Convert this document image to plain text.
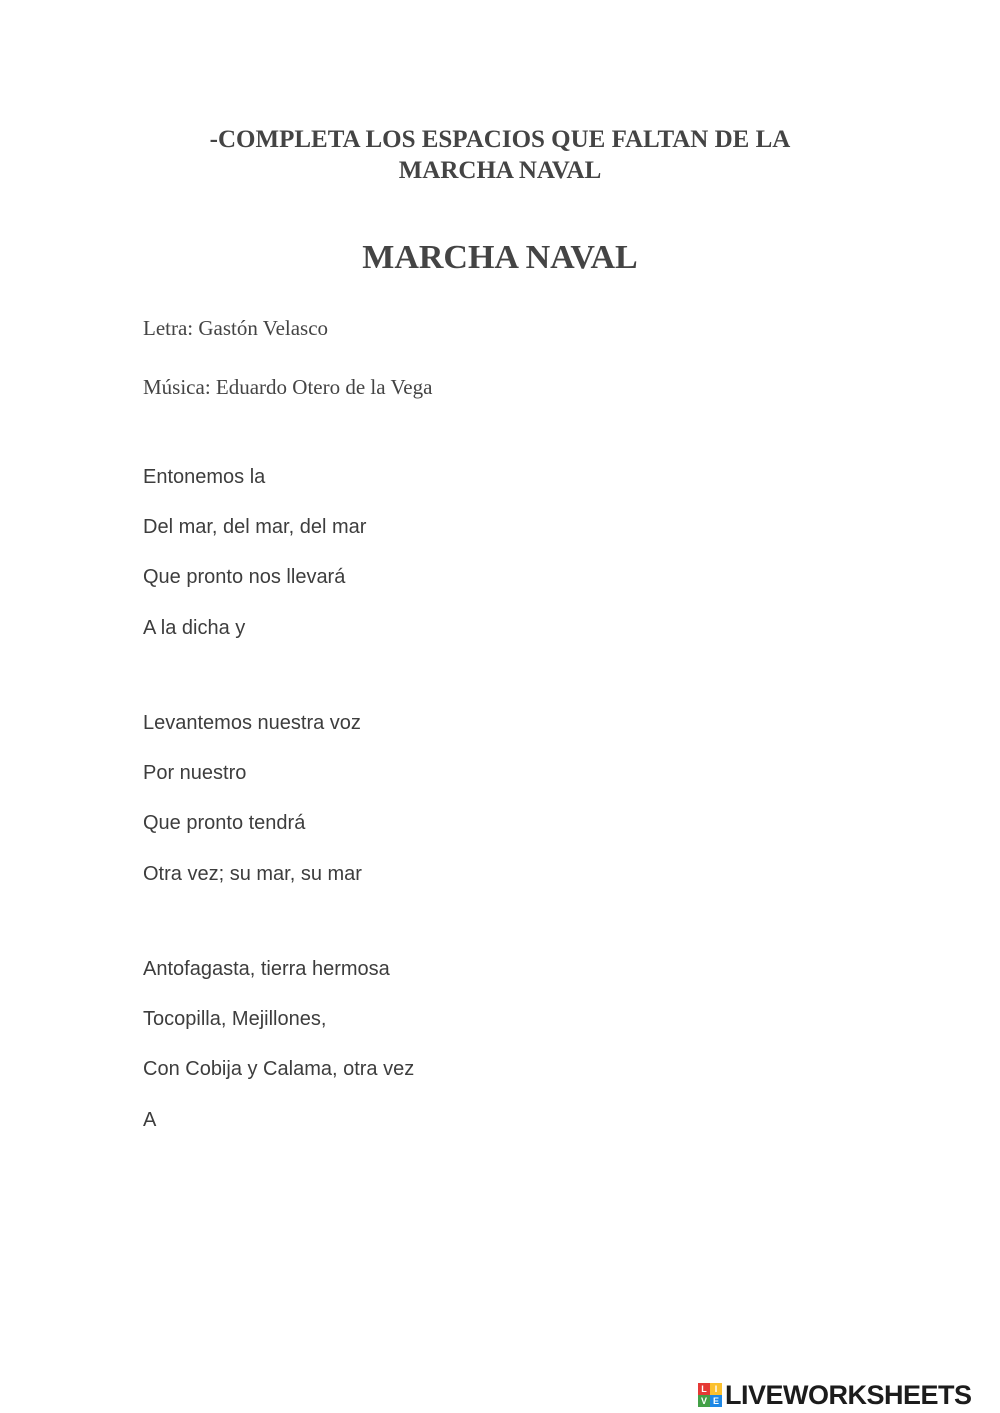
-COMPLETA LOS ESPACIOS QUE FALTAN DE LA
MARCHA NAVAL
MARCHA NAVAL
Letra: Gastón Velasco
Música: Eduardo Otero de la Vega
Entonemos la
Del mar, del mar, del mar
Que pronto nos llevará
A la dicha y
Levantemos nuestra voz
Por nuestro
Que pronto tendrá
Otra vez; su mar, su mar
Antofagasta, tierra hermosa
Tocopilla, Mejillones,
Con Cobija y Calama, otra vez
A
L I
V E LIVEWORKSHEETS
